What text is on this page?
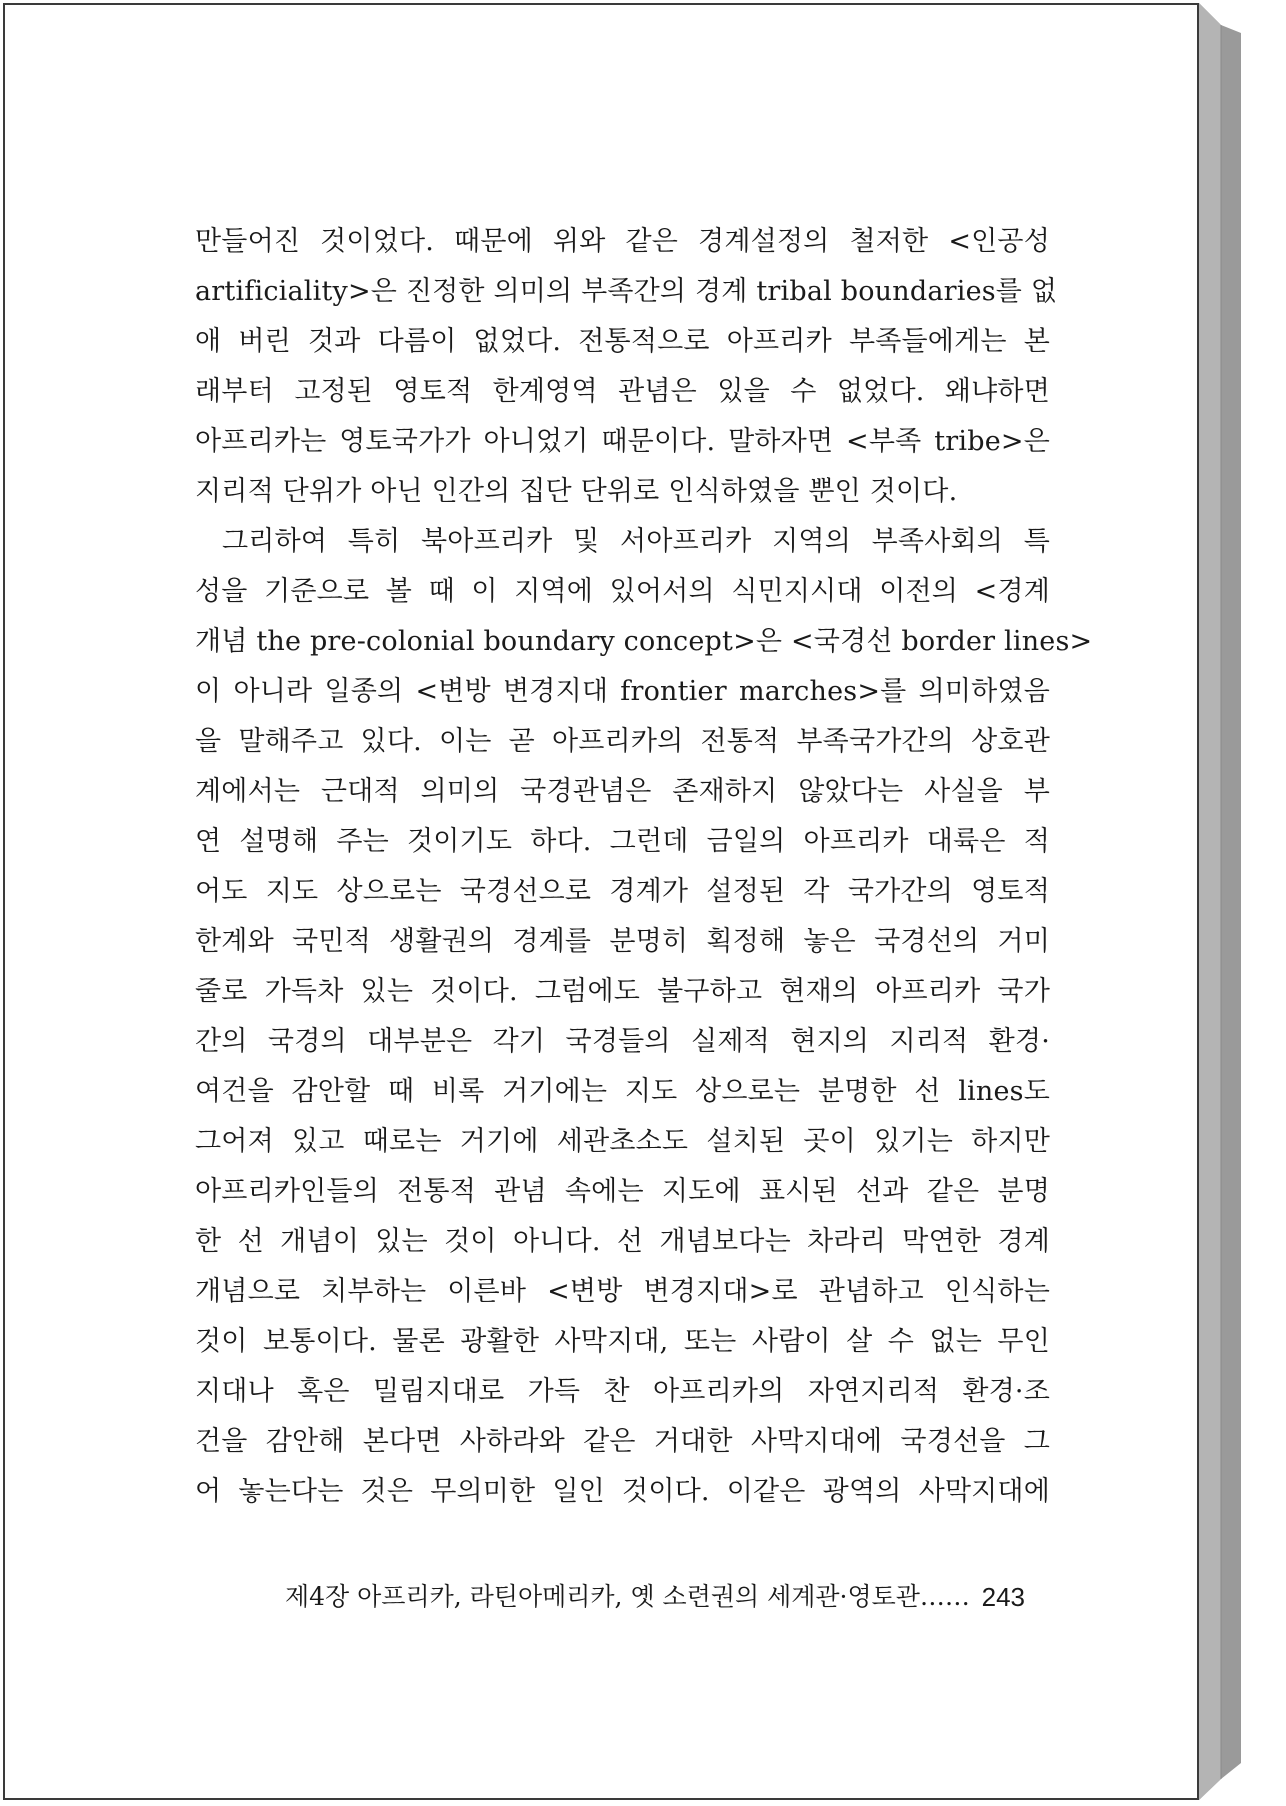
만들어진 것이었다. 때문에 위와 같은 경계설정의 철저한 <인공성
artificiality>은 진정한 의미의 부족간의 경계 tribal boundaries를 없
애 버린 것과 다름이 없었다. 전통적으로 아프리카 부족들에게는 본
래부터 고정된 영토적 한계영역 관념은 있을 수 없었다. 왜냐하면
아프리카는 영토국가가 아니었기 때문이다. 말하자면 <부족 tribe>은
지리적 단위가 아닌 인간의 집단 단위로 인식하였을 뿐인 것이다.
그리하여 특히 북아프리카 및 서아프리카 지역의 부족사회의 특
성을 기준으로 볼 때 이 지역에 있어서의 식민지시대 이전의 <경계
개념 the pre-colonial boundary concept>은 <국경선 border lines>
이 아니라 일종의 <변방 변경지대 frontier marches>를 의미하였음
을 말해주고 있다. 이는 곧 아프리카의 전통적 부족국가간의 상호관
계에서는 근대적 의미의 국경관념은 존재하지 않았다는 사실을 부
연 설명해 주는 것이기도 하다. 그런데 금일의 아프리카 대륙은 적
어도 지도 상으로는 국경선으로 경계가 설정된 각 국가간의 영토적
한계와 국민적 생활권의 경계를 분명히 획정해 놓은 국경선의 거미
줄로 가득차 있는 것이다. 그럼에도 불구하고 현재의 아프리카 국가
간의 국경의 대부분은 각기 국경들의 실제적 현지의 지리적 환경·
여건을 감안할 때 비록 거기에는 지도 상으로는 분명한 선 lines도
그어져 있고 때로는 거기에 세관초소도 설치된 곳이 있기는 하지만
아프리카인들의 전통적 관념 속에는 지도에 표시된 선과 같은 분명
한 선 개념이 있는 것이 아니다. 선 개념보다는 차라리 막연한 경계
개념으로 치부하는 이른바 <변방 변경지대>로 관념하고 인식하는
것이 보통이다. 물론 광활한 사막지대, 또는 사람이 살 수 없는 무인
지대나 혹은 밀림지대로 가득 찬 아프리카의 자연지리적 환경·조
건을 감안해 본다면 사하라와 같은 거대한 사막지대에 국경선을 그
어 놓는다는 것은 무의미한 일인 것이다. 이같은 광역의 사막지대에
제4장 아프리카, 라틴아메리카, 옛 소련권의 세계관·영토관…… 243
